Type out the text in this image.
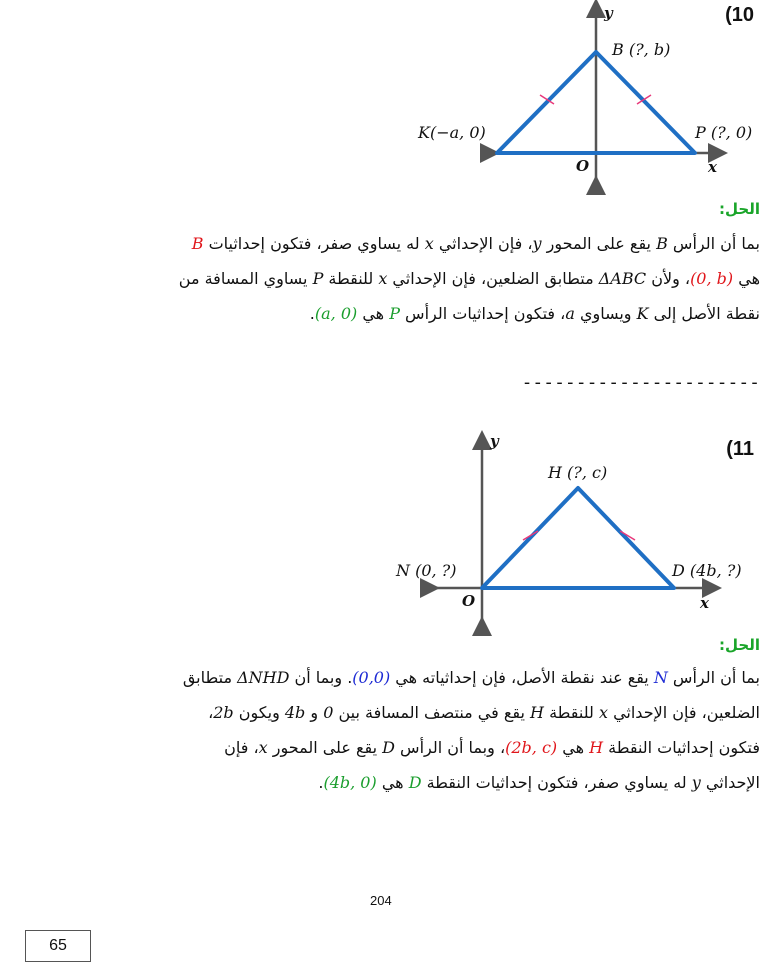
(10
y
x
O
B (?, b)
K(−a, 0)	P (?, 0)
الحل:
بما أن الرأس B يقع على المحور y، فإن الإحداثي x له يساوي صفر، فتكون إحداثيات B
هي (0, b)، ولأن ΔABC متطابق الضلعين، فإن الإحداثي x للنقطة P يساوي المسافة من
نقطة الأصل إلى K ويساوي a، فتكون إحداثيات الرأس P هي (a, 0).
----------------------
(11
y
x
O
H (?, c)
N (0, ?)	D (4b, ?)
الحل:
بما أن الرأس N يقع عند نقطة الأصل، فإن إحداثياته هي (0,0). وبما أن ΔNHD متطابق
الضلعين، فإن الإحداثي x للنقطة H يقع في منتصف المسافة بين 0 و 4b ويكون 2b،
فتكون إحداثيات النقطة H هي (2b, c)، وبما أن الرأس D يقع على المحور x، فإن
الإحداثي y له يساوي صفر، فتكون إحداثيات النقطة D هي (4b, 0).
204
65
